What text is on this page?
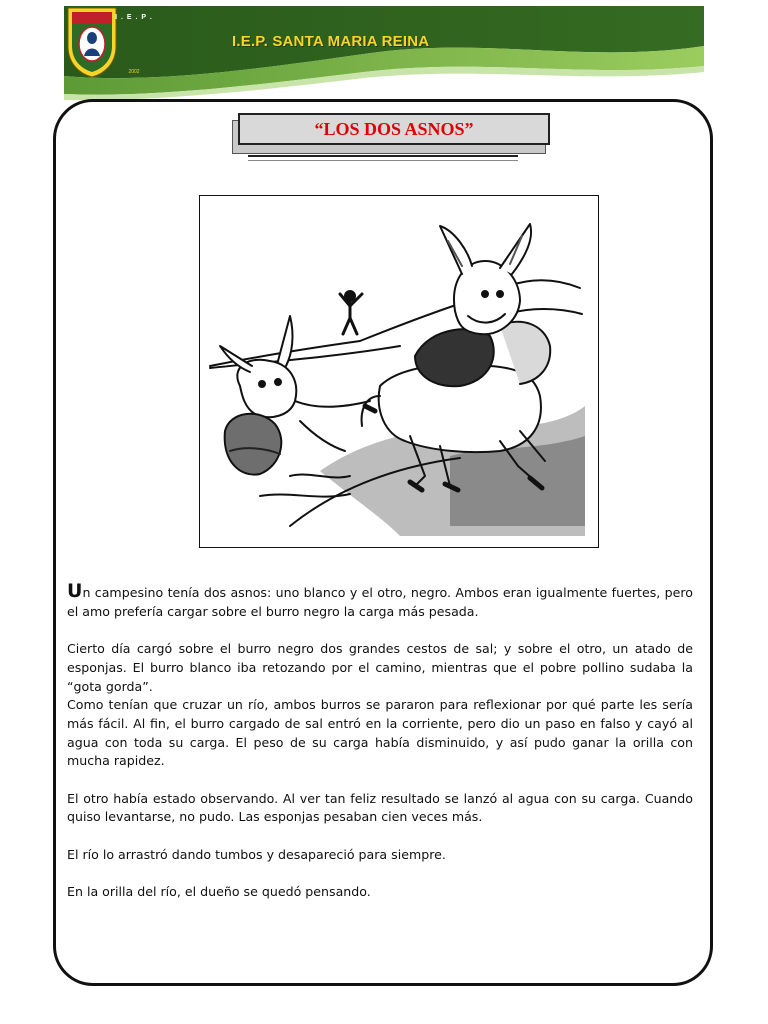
I . E . P .
2002
I.E.P. SANTA MARIA REINA
“LOS DOS ASNOS”

Un campesino tenía dos asnos: uno blanco y el otro, negro. Ambos eran igualmente fuertes, pero el amo prefería cargar sobre el burro negro la carga más pesada.

Cierto día cargó sobre el burro negro dos grandes cestos de sal; y sobre el otro, un atado de esponjas. El burro blanco iba retozando por el camino, mientras que el pobre pollino sudaba la “gota gorda”.

Como tenían que cruzar un río, ambos burros se pararon para reflexionar por qué parte les sería más fácil. Al fin, el burro cargado de sal entró en la corriente, pero dio un paso en falso y cayó al agua con toda su carga. El peso de su carga había disminuido, y así pudo ganar la orilla con mucha rapidez.

El otro había estado observando. Al ver tan feliz resultado se lanzó al agua con su carga. Cuando quiso levantarse, no pudo. Las esponjas pesaban cien veces más.

El río lo arrastró dando tumbos y desapareció para siempre.

En la orilla del río, el dueño se quedó pensando.
